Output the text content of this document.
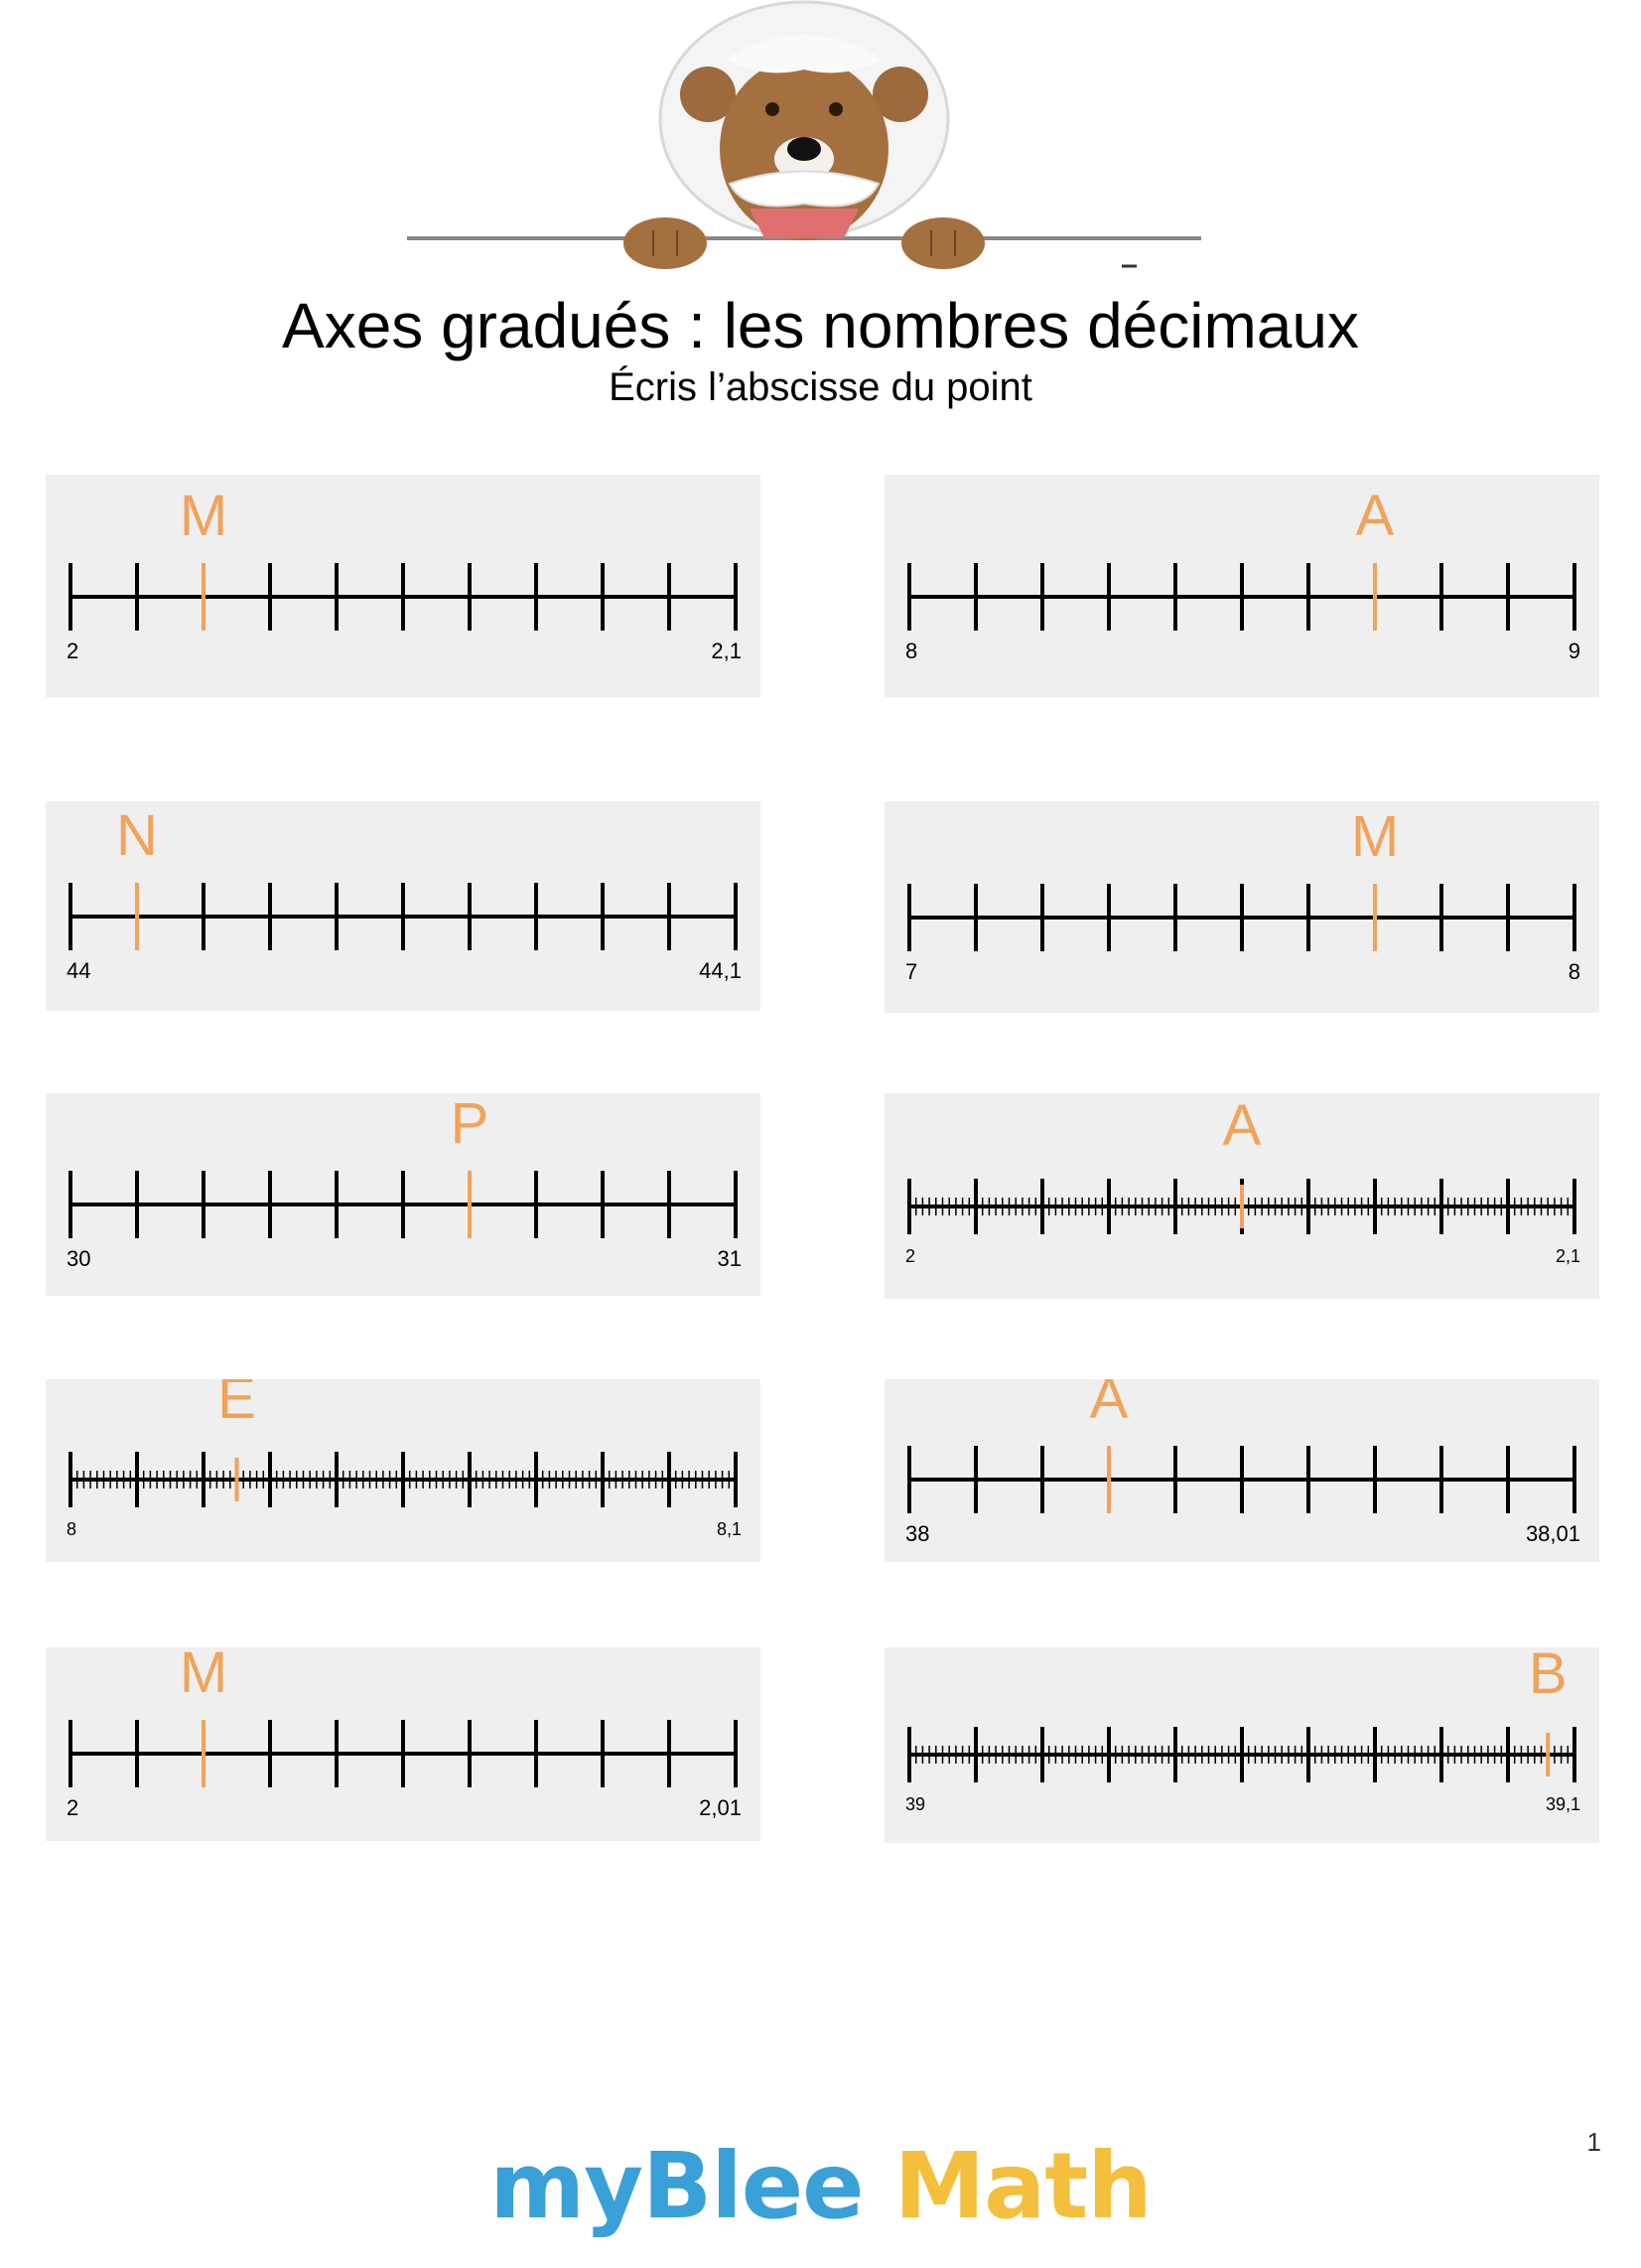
Axes gradués : les nombres décimaux
Écris l’abscisse du point
M
2	2,1
A
8	9
N
44	44,1
M
7	8
P
30	31
A
2	2,1
E
8	8,1
A
38	38,01
M
2	2,01
B
39	39,1
1
myBlee Math
